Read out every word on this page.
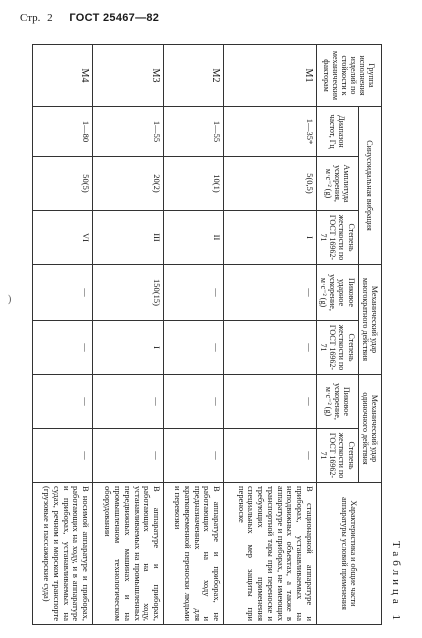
Стр. 2 ГОСТ 25467—82
)
Таблица 1
Группа исполнения изделий по стойкости к механическим факторам	Синусоидальная вибрация			Механический удар многократного действия		Механический удар одиночного действия		Характеристика и общие части аппаратуры условий применения
	Диапазон частот, Гц	Амплитуда ускорения, м·с⁻² (g)	Степень жесткости по ГОСТ 16962-71	Пиковое ударное ускорение, м·с⁻² (g)	Степень жесткости по ГОСТ 16962-71	Пиковое ускорение, м·с⁻² (g)	Степень жесткости по ГОСТ 16962-71	
М1	1—35*	5(0,5)	I	—	—	—	—	В стационарной аппаратуре и приборах, устанавливаемых на неподвижных объектах, а также в аппаратуре и приборах, не имеющих транспортной тары при переноске и требующих применения специальных мер защиты при переноске
М2	1—55	10(1)	II	—	—	—	—	В аппаратуре и приборах, не работающих на ходу и предназначенных для кратковременной переноски людьми и перевозки
М3	1—55	20(2)	III	150(15)	I	—	—	В аппаратуре и приборах, работающих на ходу, устанавливаемых на промышленных передвижных машинах и на промышленном технологическом оборудовании
М4	1—80	50(5)	VI	—	—	—	—	В носимой аппаратуре и приборах, работающих на ходу, и в аппаратуре и приборах, устанавливаемых на судах, речном и морском транспорте (грузовые и пассажирские суда)
